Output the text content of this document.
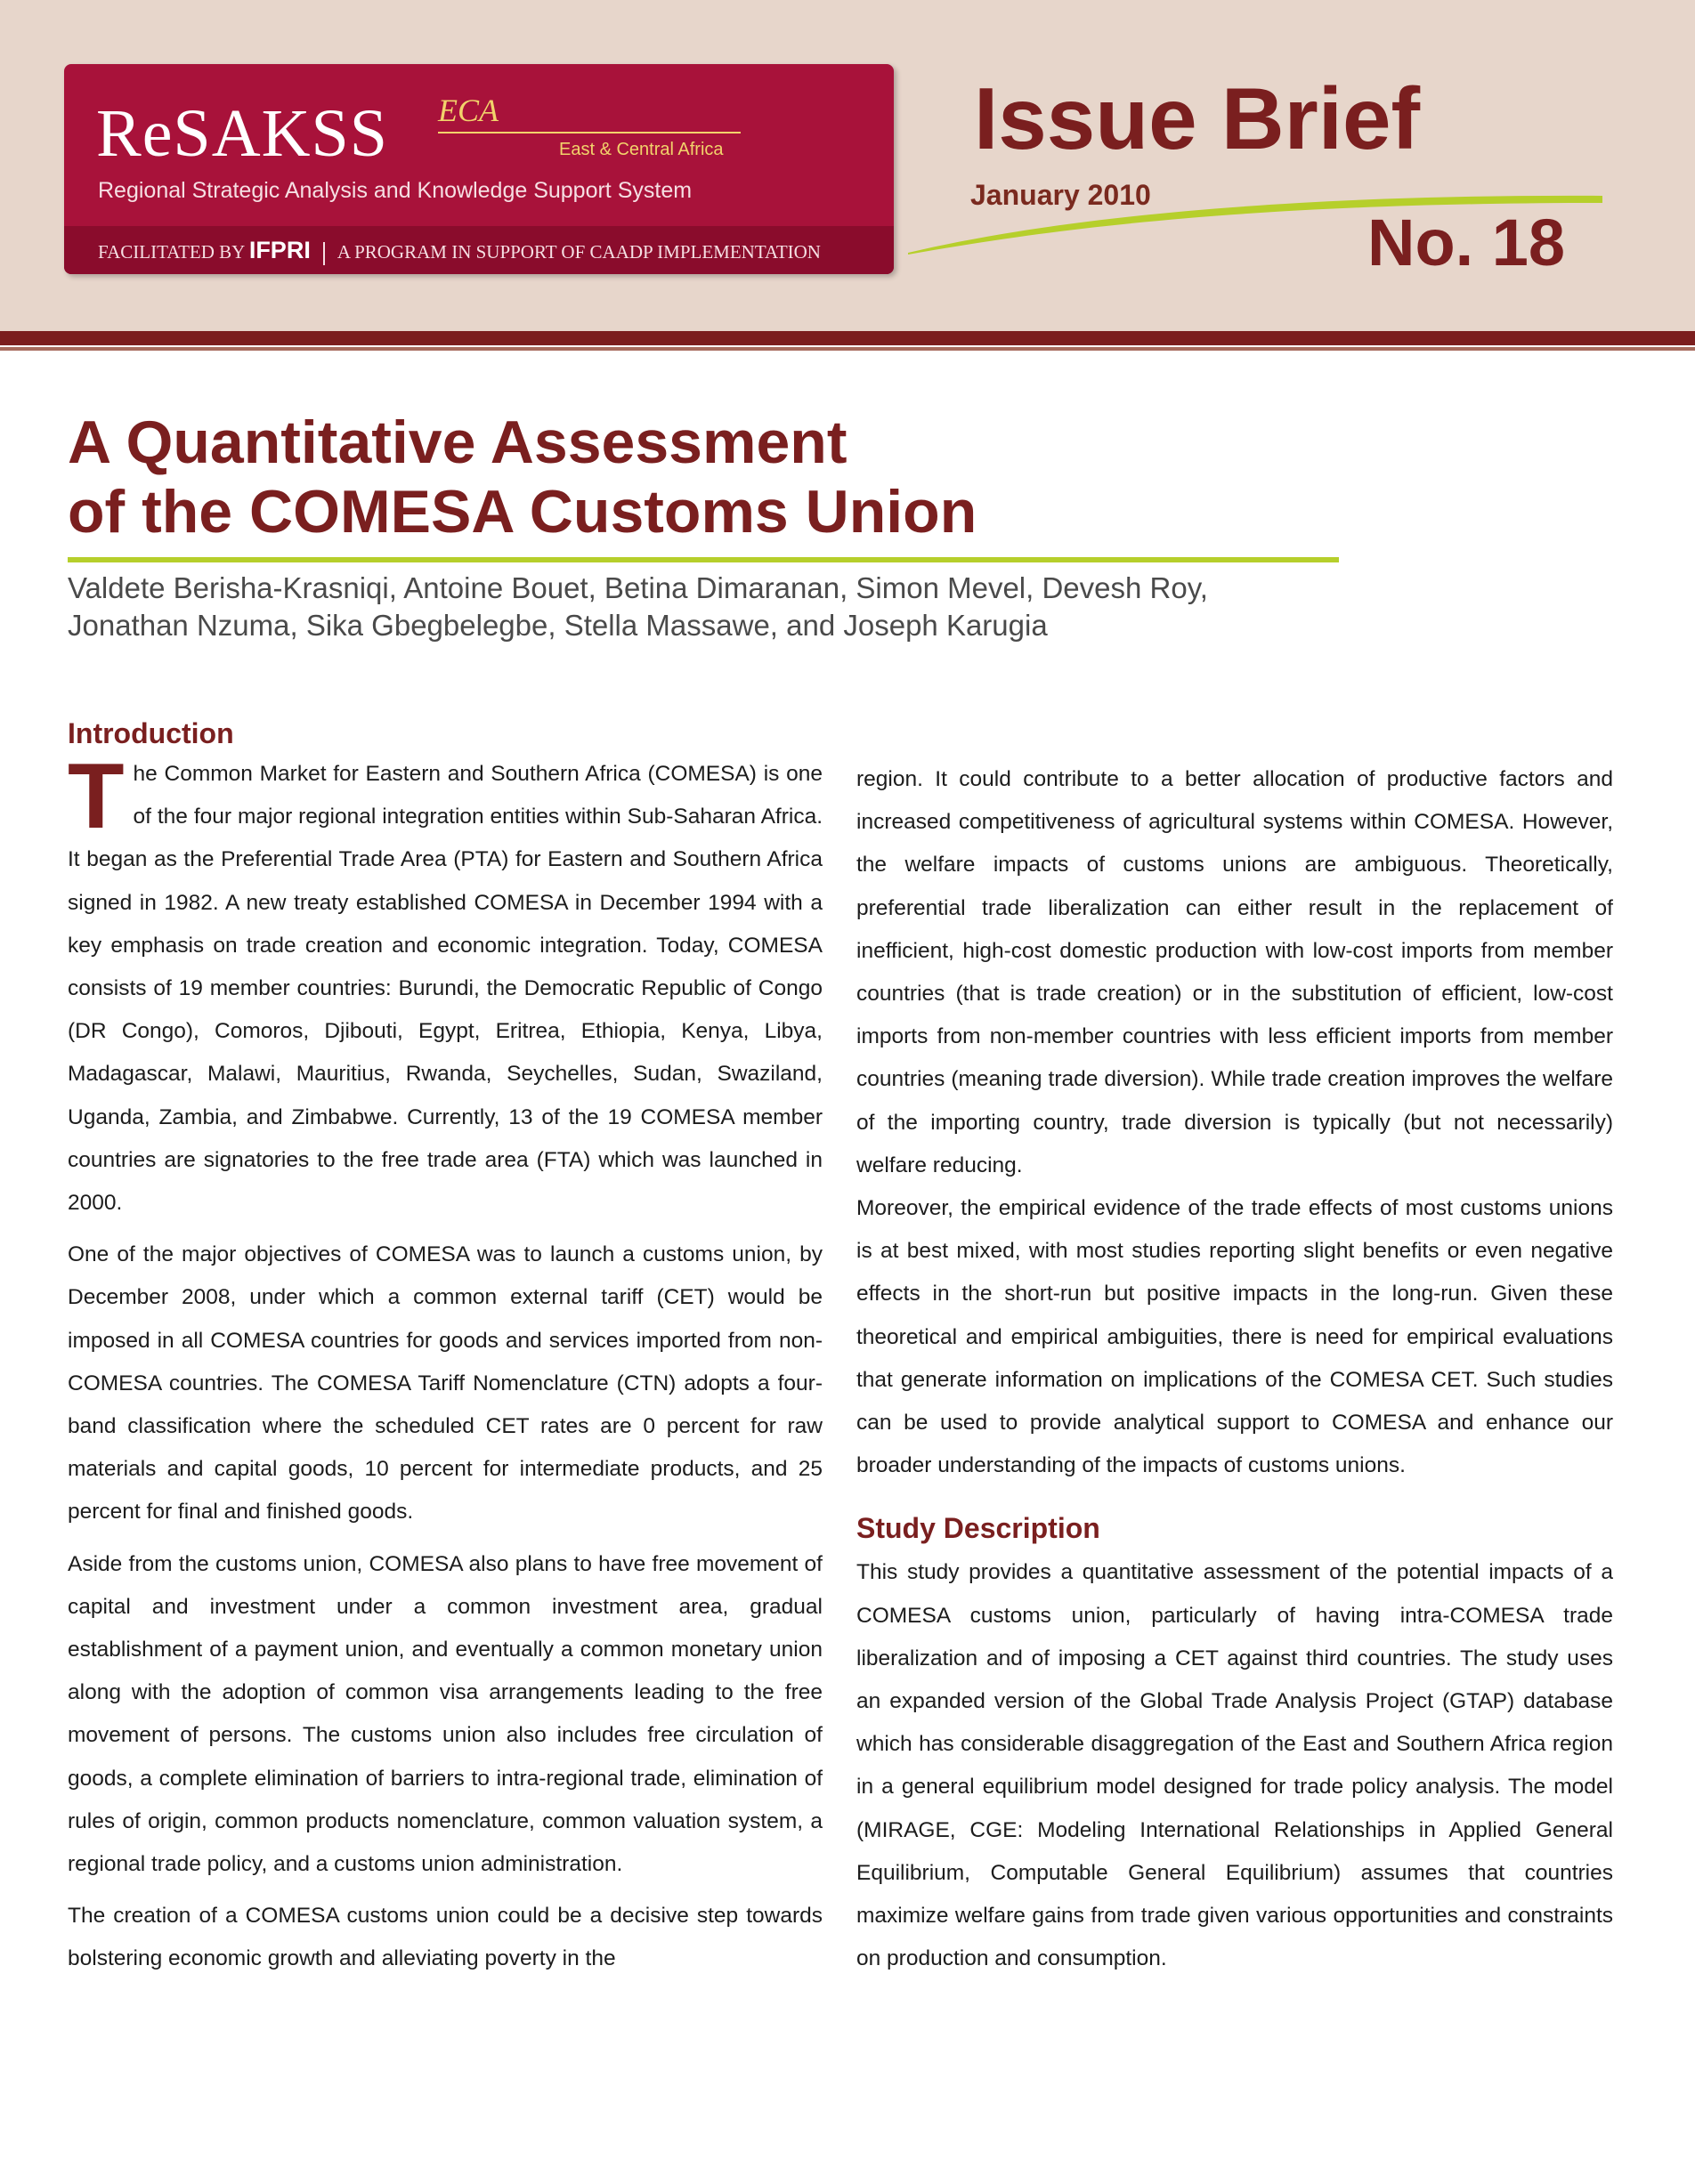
ReSAKSS ECA
East & Central Africa
Regional Strategic Analysis and Knowledge Support System
FACILITATED BY IFPRI A PROGRAM IN SUPPORT OF CAADP IMPLEMENTATION
Issue Brief
January 2010
No. 18
A Quantitative Assessment
of the COMESA Customs Union
Valdete Berisha-Krasniqi, Antoine Bouet, Betina Dimaranan, Simon Mevel, Devesh Roy, Jonathan Nzuma, Sika Gbegbelegbe, Stella Massawe, and Joseph Karugia
Introduction

The Common Market for Eastern and Southern Africa (COMESA) is one of the four major regional integration entities within Sub-Saharan Africa. It began as the Preferential Trade Area (PTA) for Eastern and Southern Africa signed in 1982. A new treaty established COMESA in December 1994 with a key emphasis on trade creation and economic integration. Today, COMESA consists of 19 member countries: Burundi, the Democratic Republic of Congo (DR Congo), Comoros, Djibouti, Egypt, Eritrea, Ethiopia, Kenya, Libya, Madagascar, Malawi, Mauritius, Rwanda, Seychelles, Sudan, Swaziland, Uganda, Zambia, and Zimbabwe. Currently, 13 of the 19 COMESA member countries are signatories to the free trade area (FTA) which was launched in 2000.

One of the major objectives of COMESA was to launch a customs union, by December 2008, under which a common external tariff (CET) would be imposed in all COMESA countries for goods and services imported from non-COMESA countries. The COMESA Tariff Nomenclature (CTN) adopts a four-band classification where the scheduled CET rates are 0 percent for raw materials and capital goods, 10 percent for intermediate products, and 25 percent for final and finished goods.

Aside from the customs union, COMESA also plans to have free movement of capital and investment under a common investment area, gradual establishment of a payment union, and eventually a common monetary union along with the adoption of common visa arrangements leading to the free movement of persons. The customs union also includes free circulation of goods, a complete elimination of barriers to intra-regional trade, elimination of rules of origin, common products nomenclature, common valuation system, a regional trade policy, and a customs union administration.

The creation of a COMESA customs union could be a decisive step towards bolstering economic growth and alleviating poverty in the

region. It could contribute to a better allocation of productive factors and increased competitiveness of agricultural systems within COMESA. However, the welfare impacts of customs unions are ambiguous. Theoretically, preferential trade liberalization can either result in the replacement of inefficient, high-cost domestic production with low-cost imports from member countries (that is trade creation) or in the substitution of efficient, low-cost imports from non-member countries with less efficient imports from member countries (meaning trade diversion). While trade creation improves the welfare of the importing country, trade diversion is typically (but not necessarily) welfare reducing.

Moreover, the empirical evidence of the trade effects of most customs unions is at best mixed, with most studies reporting slight benefits or even negative effects in the short-run but positive impacts in the long-run. Given these theoretical and empirical ambiguities, there is need for empirical evaluations that generate information on implications of the COMESA CET. Such studies can be used to provide analytical support to COMESA and enhance our broader understanding of the impacts of customs unions.

Study Description

This study provides a quantitative assessment of the potential impacts of a COMESA customs union, particularly of having intra-COMESA trade liberalization and of imposing a CET against third countries. The study uses an expanded version of the Global Trade Analysis Project (GTAP) database which has considerable disaggregation of the East and Southern Africa region in a general equilibrium model designed for trade policy analysis. The model (MIRAGE, CGE: Modeling International Relationships in Applied General Equilibrium, Computable General Equilibrium) assumes that countries maximize welfare gains from trade given various opportunities and constraints on production and consumption.
